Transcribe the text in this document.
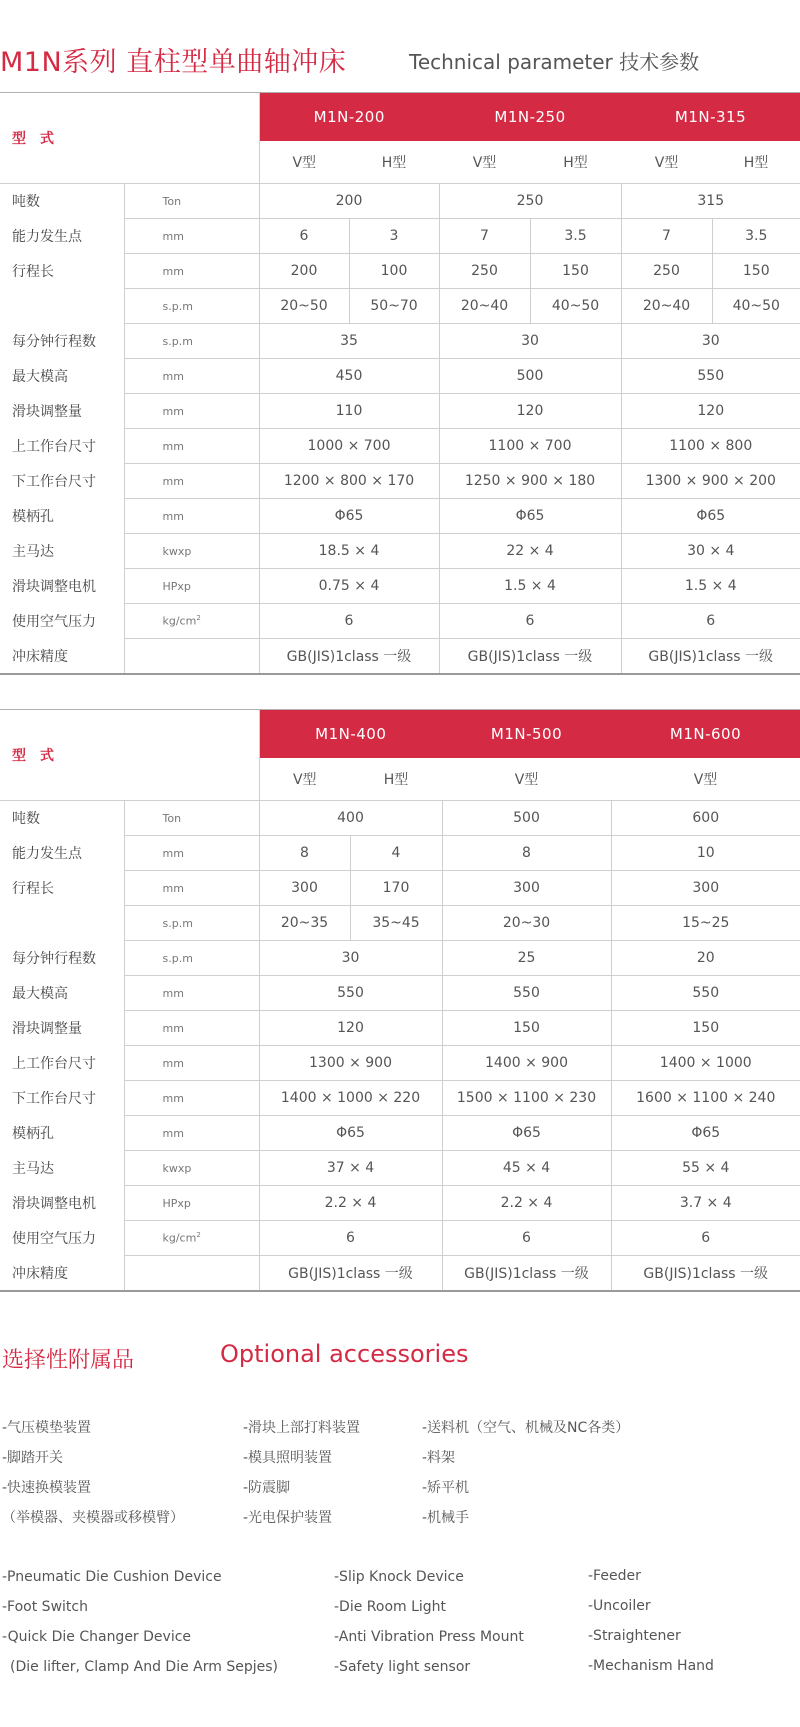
M1N系列 直柱型单曲轴冲床	Technical parameter 技术参数
型　式		M1N-200		M1N-250		M1N-315	
		V型	H型	V型	H型	V型	H型
吨数	Ton	200		250		315	
能力发生点	mm	6	3	7	3.5	7	3.5
行程长	mm	200	100	250	150	250	150
	s.p.m	20~50	50~70	20~40	40~50	20~40	40~50
每分钟行程数	s.p.m	35		30		30	
最大模高	mm	450		500		550	
滑块调整量	mm	110		120		120	
上工作台尺寸	mm	1000 × 700		1100 × 700		1100 × 800	
下工作台尺寸	mm	1200 × 800 × 170		1250 × 900 × 180		1300 × 900 × 200	
模柄孔	mm	Φ65		Φ65		Φ65	
主马达	kwxp	18.5 × 4		22 × 4		30 × 4	
滑块调整电机	HPxp	0.75 × 4		1.5 × 4		1.5 × 4	
使用空气压力	$kg/cm^2$	6		6		6	
冲床精度		GB(JIS)1class 一级		GB(JIS)1class 一级		GB(JIS)1class 一级	
型　式		M1N-400		M1N-500	M1N-600
		V型	H型	V型	V型
吨数	Ton	400		500	600
能力发生点	mm	8	4	8	10
行程长	mm	300	170	300	300
	s.p.m	20~35	35~45	20~30	15~25
每分钟行程数	s.p.m	30		25	20
最大模高	mm	550		550	550
滑块调整量	mm	120		150	150
上工作台尺寸	mm	1300 × 900		1400 × 900	1400 × 1000
下工作台尺寸	mm	1400 × 1000 × 220		1500 × 1100 × 230	1600 × 1100 × 240
模柄孔	mm	Φ65		Φ65	Φ65
主马达	kwxp	37 × 4		45 × 4	55 × 4
滑块调整电机	HPxp	2.2 × 4		2.2 × 4	3.7 × 4
使用空气压力	$kg/cm^2$	6		6	6
冲床精度		GB(JIS)1class 一级		GB(JIS)1class 一级	GB(JIS)1class 一级
选择性附属品	Optional accessories
-气压模垫装置
-脚踏开关
-快速换模装置
（举模器、夹模器或移模臂）
-滑块上部打料装置
-模具照明装置
-防震脚
-光电保护装置
-送料机（空气、机械及NC各类）
-料架
-矫平机
-机械手
-Pneumatic Die Cushion Device
-Foot Switch
-Quick Die Changer Device
(Die lifter, Clamp And Die Arm Sepjes)
-Slip Knock Device
-Die Room Light
-Anti Vibration Press Mount
-Safety light sensor
-Feeder
-Uncoiler
-Straightener
-Mechanism Hand
